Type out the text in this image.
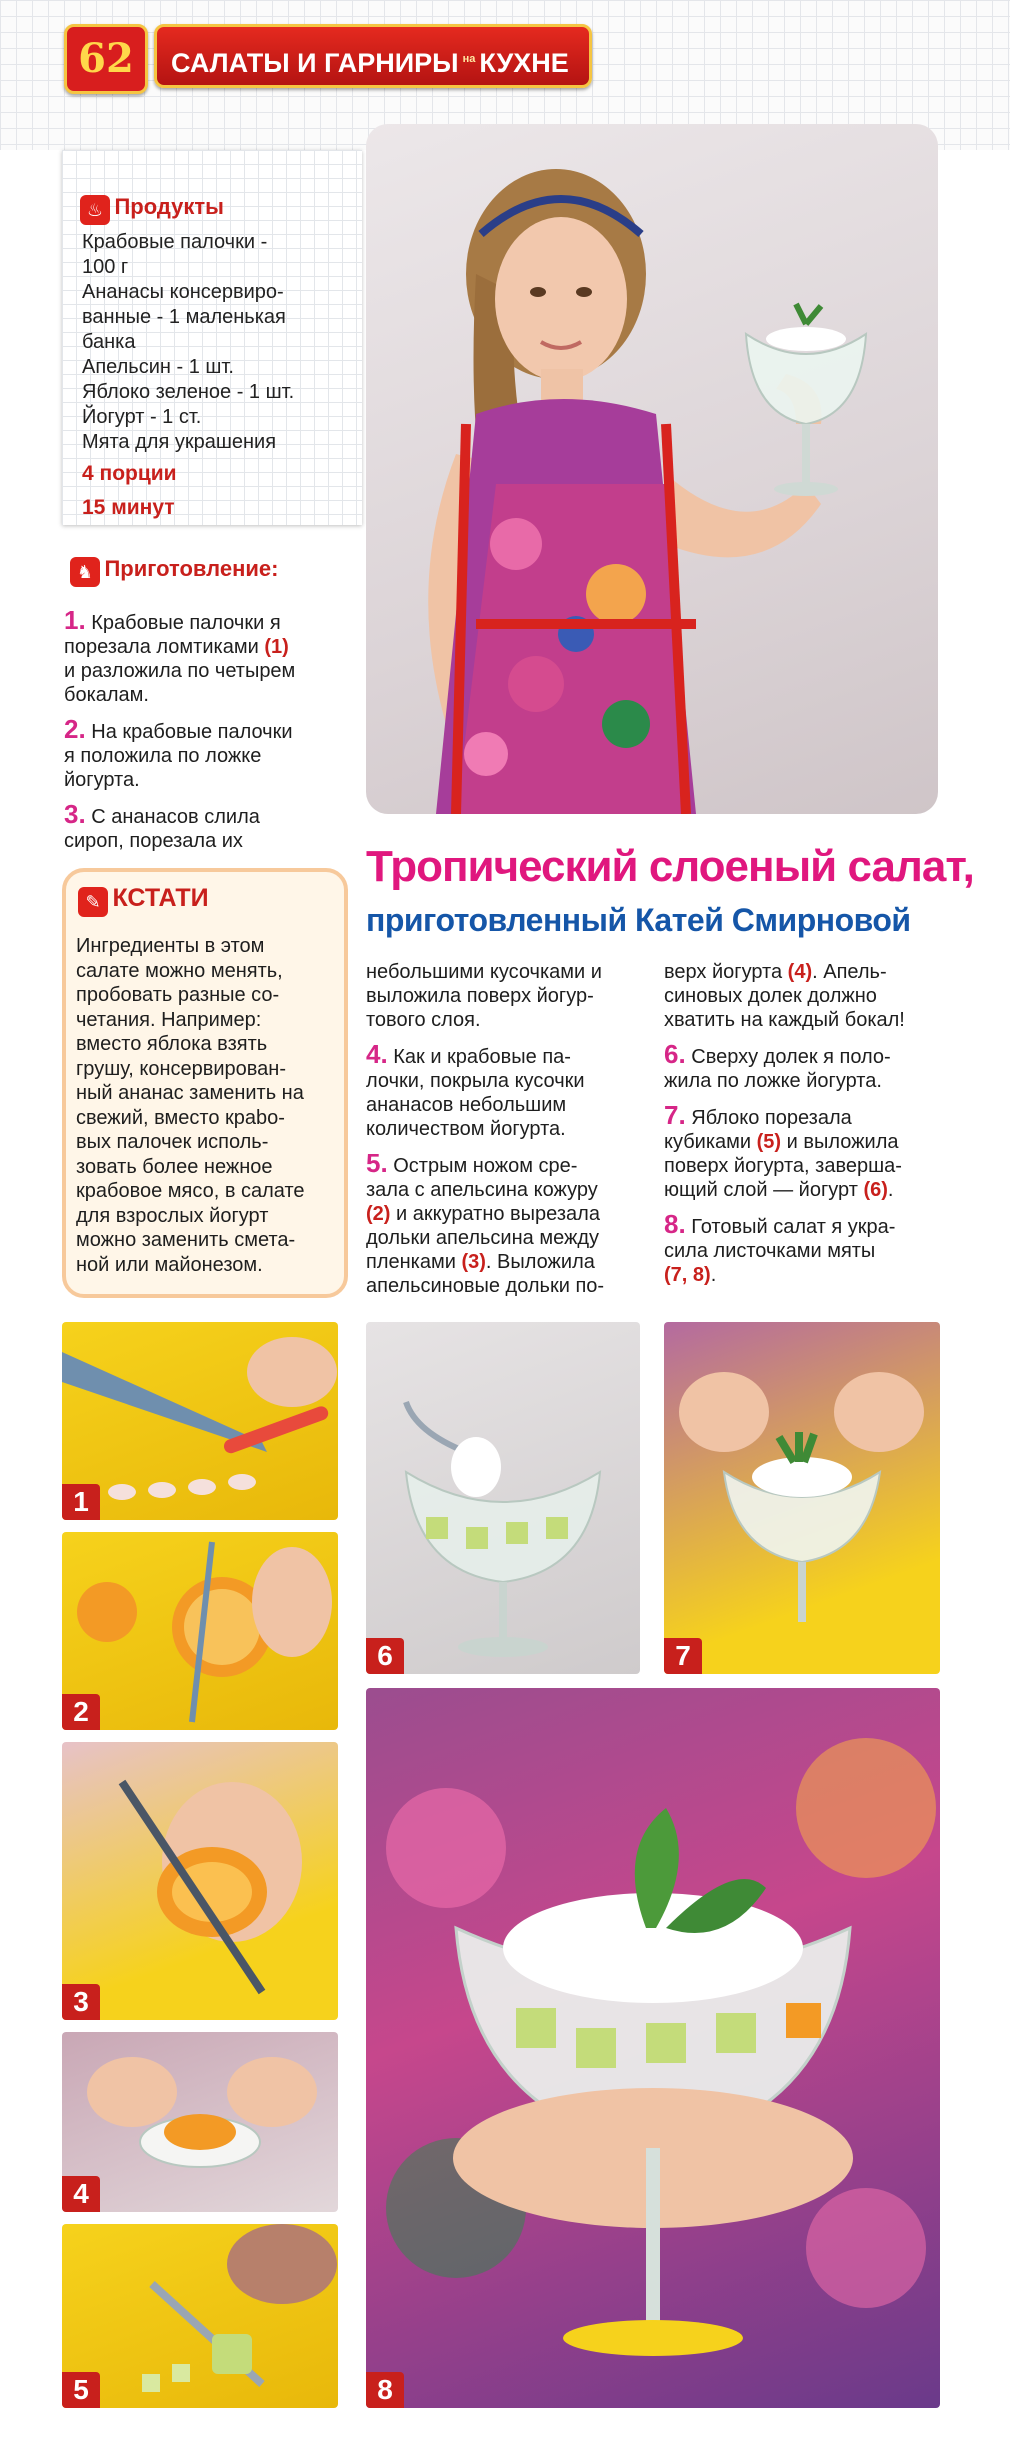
62	САЛАТЫ И ГАРНИРЫ $^{на}$ КУХНЕ
♨ Продукты
Крабовые палочки -
100 г
Ананасы консервиро-
ванные - 1 маленькая
банка
Апельсин - 1 шт.
Яблоко зеленое - 1 шт.
Йогурт - 1 ст.
Мята для украшения
4 порции
15 минут
♞ Приготовление:
1. Крабовые палочки я
порезала ломтиками (1)
и разложила по четырем
бокалам.
2. На крабовые палочки
я положила по ложке
йогурта.
3. С ананасов слила
сироп, порезала их
✎ КСТАТИ
Ингредиенты в этом
салате можно менять,
пробовать разные со-
четания. Например:
вместо яблока взять
грушу, консервирован-
ный ананас заменить на
свежий, вместо краbo-
вых палочек исполь-
зовать более нежное
крабовое мясо, в салате
для взрослых йогурт
можно заменить смета-
ной или майонезом.
Тропический слоеный салат,
приготовленный Катей Смирновой
небольшими кусочками и
выложила поверх йогур-
тового слоя.
4. Как и крабовые па-
лочки, покрыла кусочки
ананасов небольшим
количеством йогурта.
5. Острым ножом сре-
зала с апельсина кожуру
(2) и аккуратно вырезала
дольки апельсина между
пленками (3). Выложила
апельсиновые дольки по-
верх йогурта (4). Апель-
синовых долек должно
хватить на каждый бокал!
6. Сверху долек я поло-
жила по ложке йогурта.
7. Яблоко порезала
кубиками (5) и выложила
поверх йогурта, заверша-
ющий слой — йогурт (6).
8. Готовый салат я укра-
сила листочками мяты
(7, 8).
1
2
3
4
5
6	7
8
